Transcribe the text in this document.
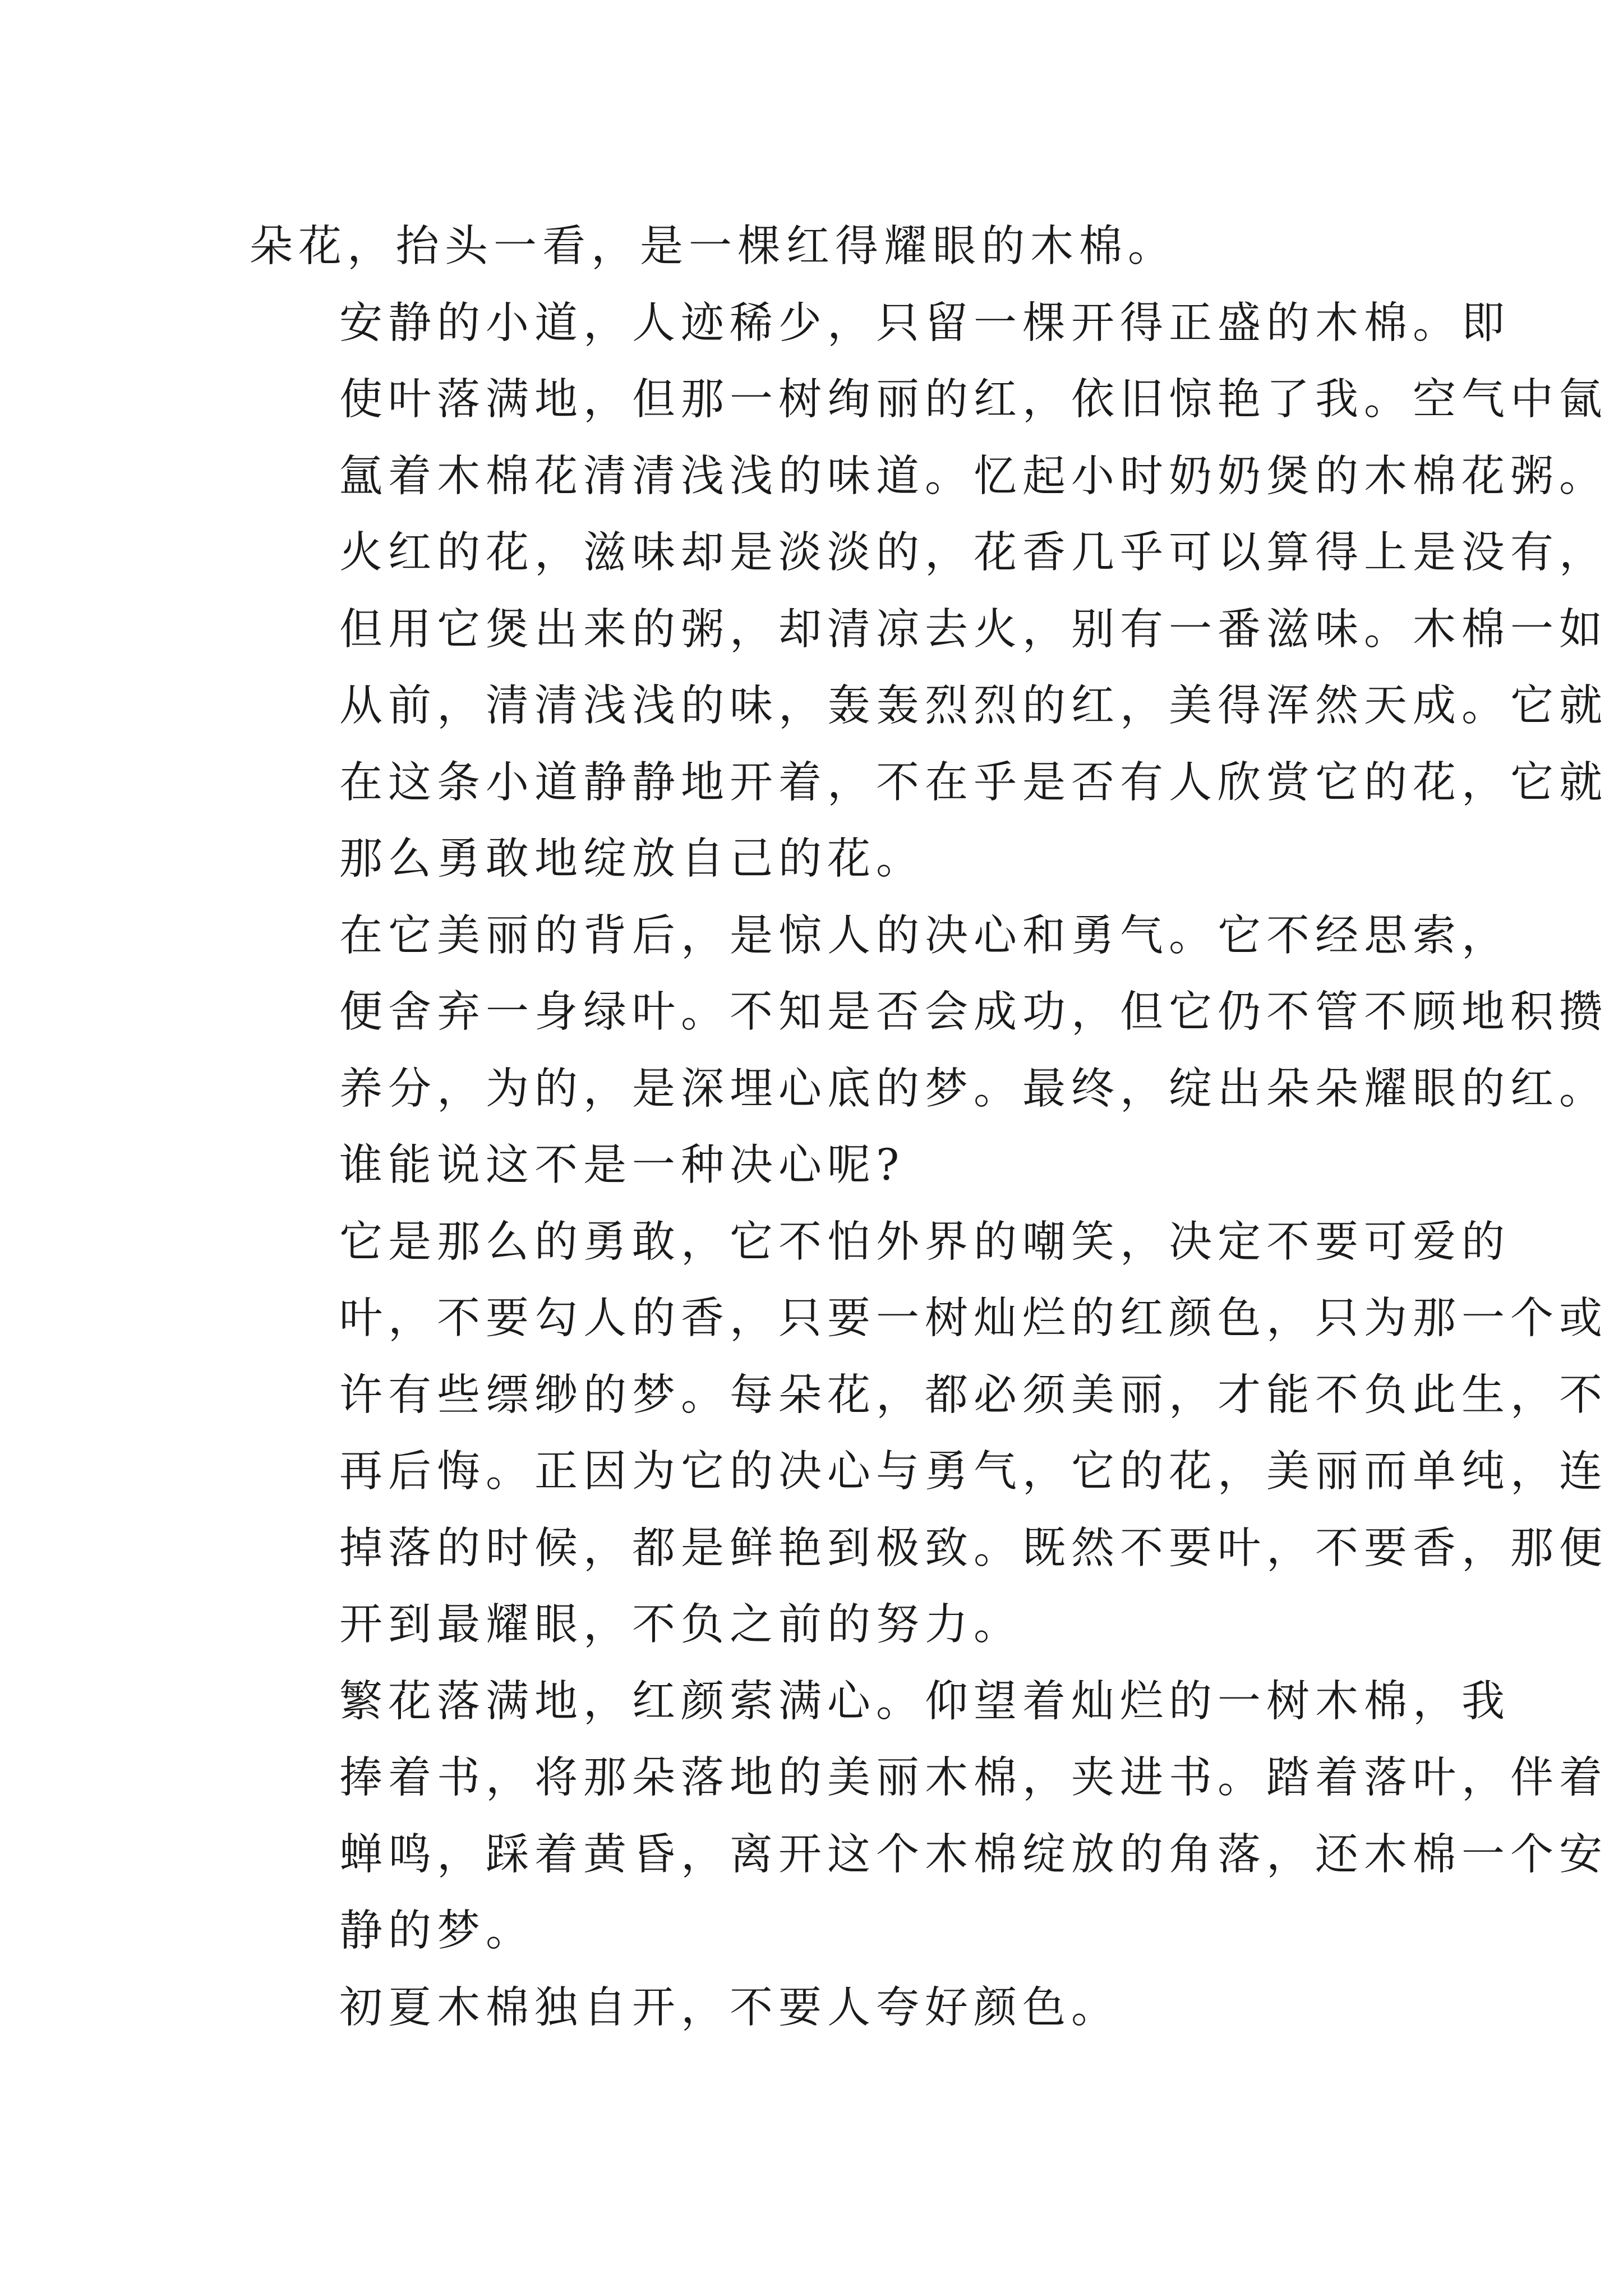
朵花，抬头一看，是一棵红得耀眼的木棉。

安静的小道，人迹稀少，只留一棵开得正盛的木棉。即
使叶落满地，但那一树绚丽的红，依旧惊艳了我。空气中氤
氲着木棉花清清浅浅的味道。忆起小时奶奶煲的木棉花粥。
火红的花，滋味却是淡淡的，花香几乎可以算得上是没有，
但用它煲出来的粥，却清凉去火，别有一番滋味。木棉一如
从前，清清浅浅的味，轰轰烈烈的红，美得浑然天成。它就
在这条小道静静地开着，不在乎是否有人欣赏它的花，它就
那么勇敢地绽放自己的花。

在它美丽的背后，是惊人的决心和勇气。它不经思索，
便舍弃一身绿叶。不知是否会成功，但它仍不管不顾地积攒
养分，为的，是深埋心底的梦。最终，绽出朵朵耀眼的红。
谁能说这不是一种决心呢?

它是那么的勇敢，它不怕外界的嘲笑，决定不要可爱的
叶，不要勾人的香，只要一树灿烂的红颜色，只为那一个或
许有些缥缈的梦。每朵花，都必须美丽，才能不负此生，不
再后悔。正因为它的决心与勇气，它的花，美丽而单纯，连
掉落的时候，都是鲜艳到极致。既然不要叶，不要香，那便
开到最耀眼，不负之前的努力。

繁花落满地，红颜萦满心。仰望着灿烂的一树木棉，我
捧着书，将那朵落地的美丽木棉，夹进书。踏着落叶，伴着
蝉鸣，踩着黄昏，离开这个木棉绽放的角落，还木棉一个安
静的梦。

初夏木棉独自开，不要人夸好颜色。
